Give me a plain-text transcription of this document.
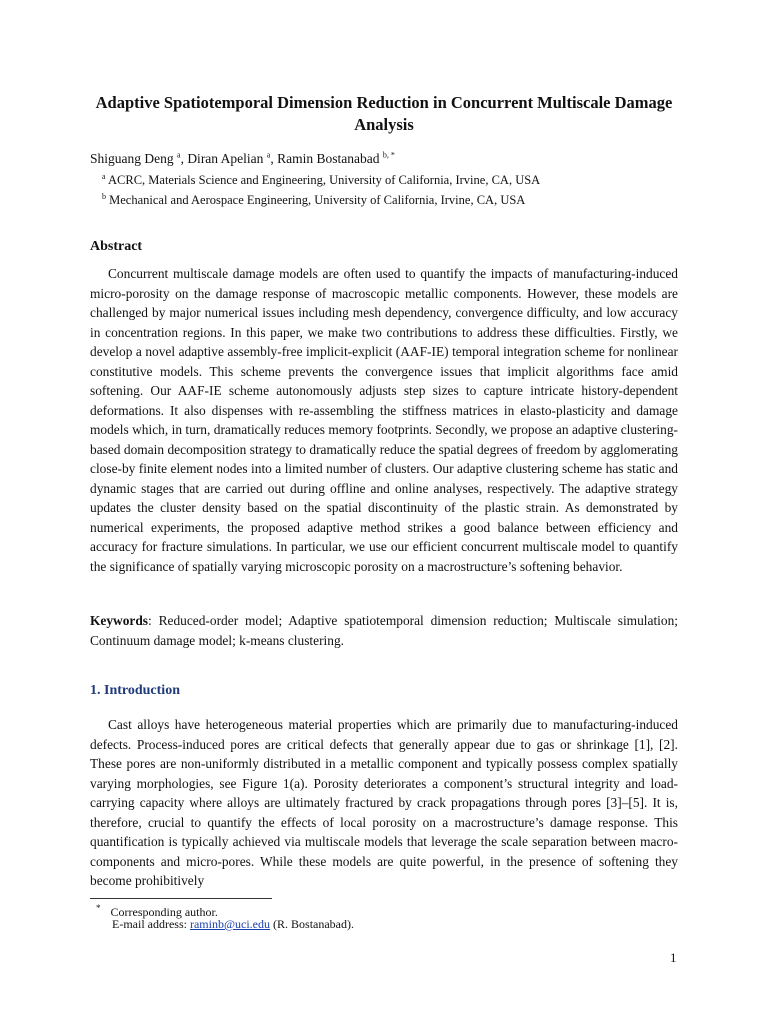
Adaptive Spatiotemporal Dimension Reduction in Concurrent Multiscale Damage Analysis
Shiguang Deng $^a$, Diran Apelian $^a$, Ramin Bostanabad $^{b, *}$
$^a$ ACRC, Materials Science and Engineering, University of California, Irvine, CA, USA
$^b$ Mechanical and Aerospace Engineering, University of California, Irvine, CA, USA
Abstract

Concurrent multiscale damage models are often used to quantify the impacts of manufacturing-induced micro-porosity on the damage response of macroscopic metallic components. However, these models are challenged by major numerical issues including mesh dependency, convergence difficulty, and low accuracy in concentration regions. In this paper, we make two contributions to address these difficulties. Firstly, we develop a novel adaptive assembly-free implicit-explicit (AAF-IE) temporal integration scheme for nonlinear constitutive models. This scheme prevents the convergence issues that implicit algorithms face amid softening. Our AAF-IE scheme autonomously adjusts step sizes to capture intricate history-dependent deformations. It also dispenses with re-assembling the stiffness matrices in elasto-plasticity and damage models which, in turn, dramatically reduces memory footprints. Secondly, we propose an adaptive clustering-based domain decomposition strategy to dramatically reduce the spatial degrees of freedom by agglomerating close-by finite element nodes into a limited number of clusters. Our adaptive clustering scheme has static and dynamic stages that are carried out during offline and online analyses, respectively. The adaptive strategy updates the cluster density based on the spatial discontinuity of the plastic strain. As demonstrated by numerical experiments, the proposed adaptive method strikes a good balance between efficiency and accuracy for fracture simulations. In particular, we use our efficient concurrent multiscale model to quantify the significance of spatially varying microscopic porosity on a macrostructure’s softening behavior.

Keywords: Reduced-order model; Adaptive spatiotemporal dimension reduction; Multiscale simulation; Continuum damage model; k-means clustering.

1. Introduction

Cast alloys have heterogeneous material properties which are primarily due to manufacturing-induced defects. Process-induced pores are critical defects that generally appear due to gas or shrinkage [1], [2]. These pores are non-uniformly distributed in a metallic component and typically possess complex spatially varying morphologies, see Figure 1(a). Porosity deteriorates a component’s structural integrity and load-carrying capacity where alloys are ultimately fractured by crack propagations through pores [3]–[5]. It is, therefore, crucial to quantify the effects of local porosity on a macrostructure’s damage response. This quantification is typically achieved via multiscale models that leverage the scale separation between macro-components and micro-pores. While these models are quite powerful, in the presence of softening they become prohibitively

* Corresponding author.
E-mail address: raminb@uci.edu (R. Bostanabad).
1
